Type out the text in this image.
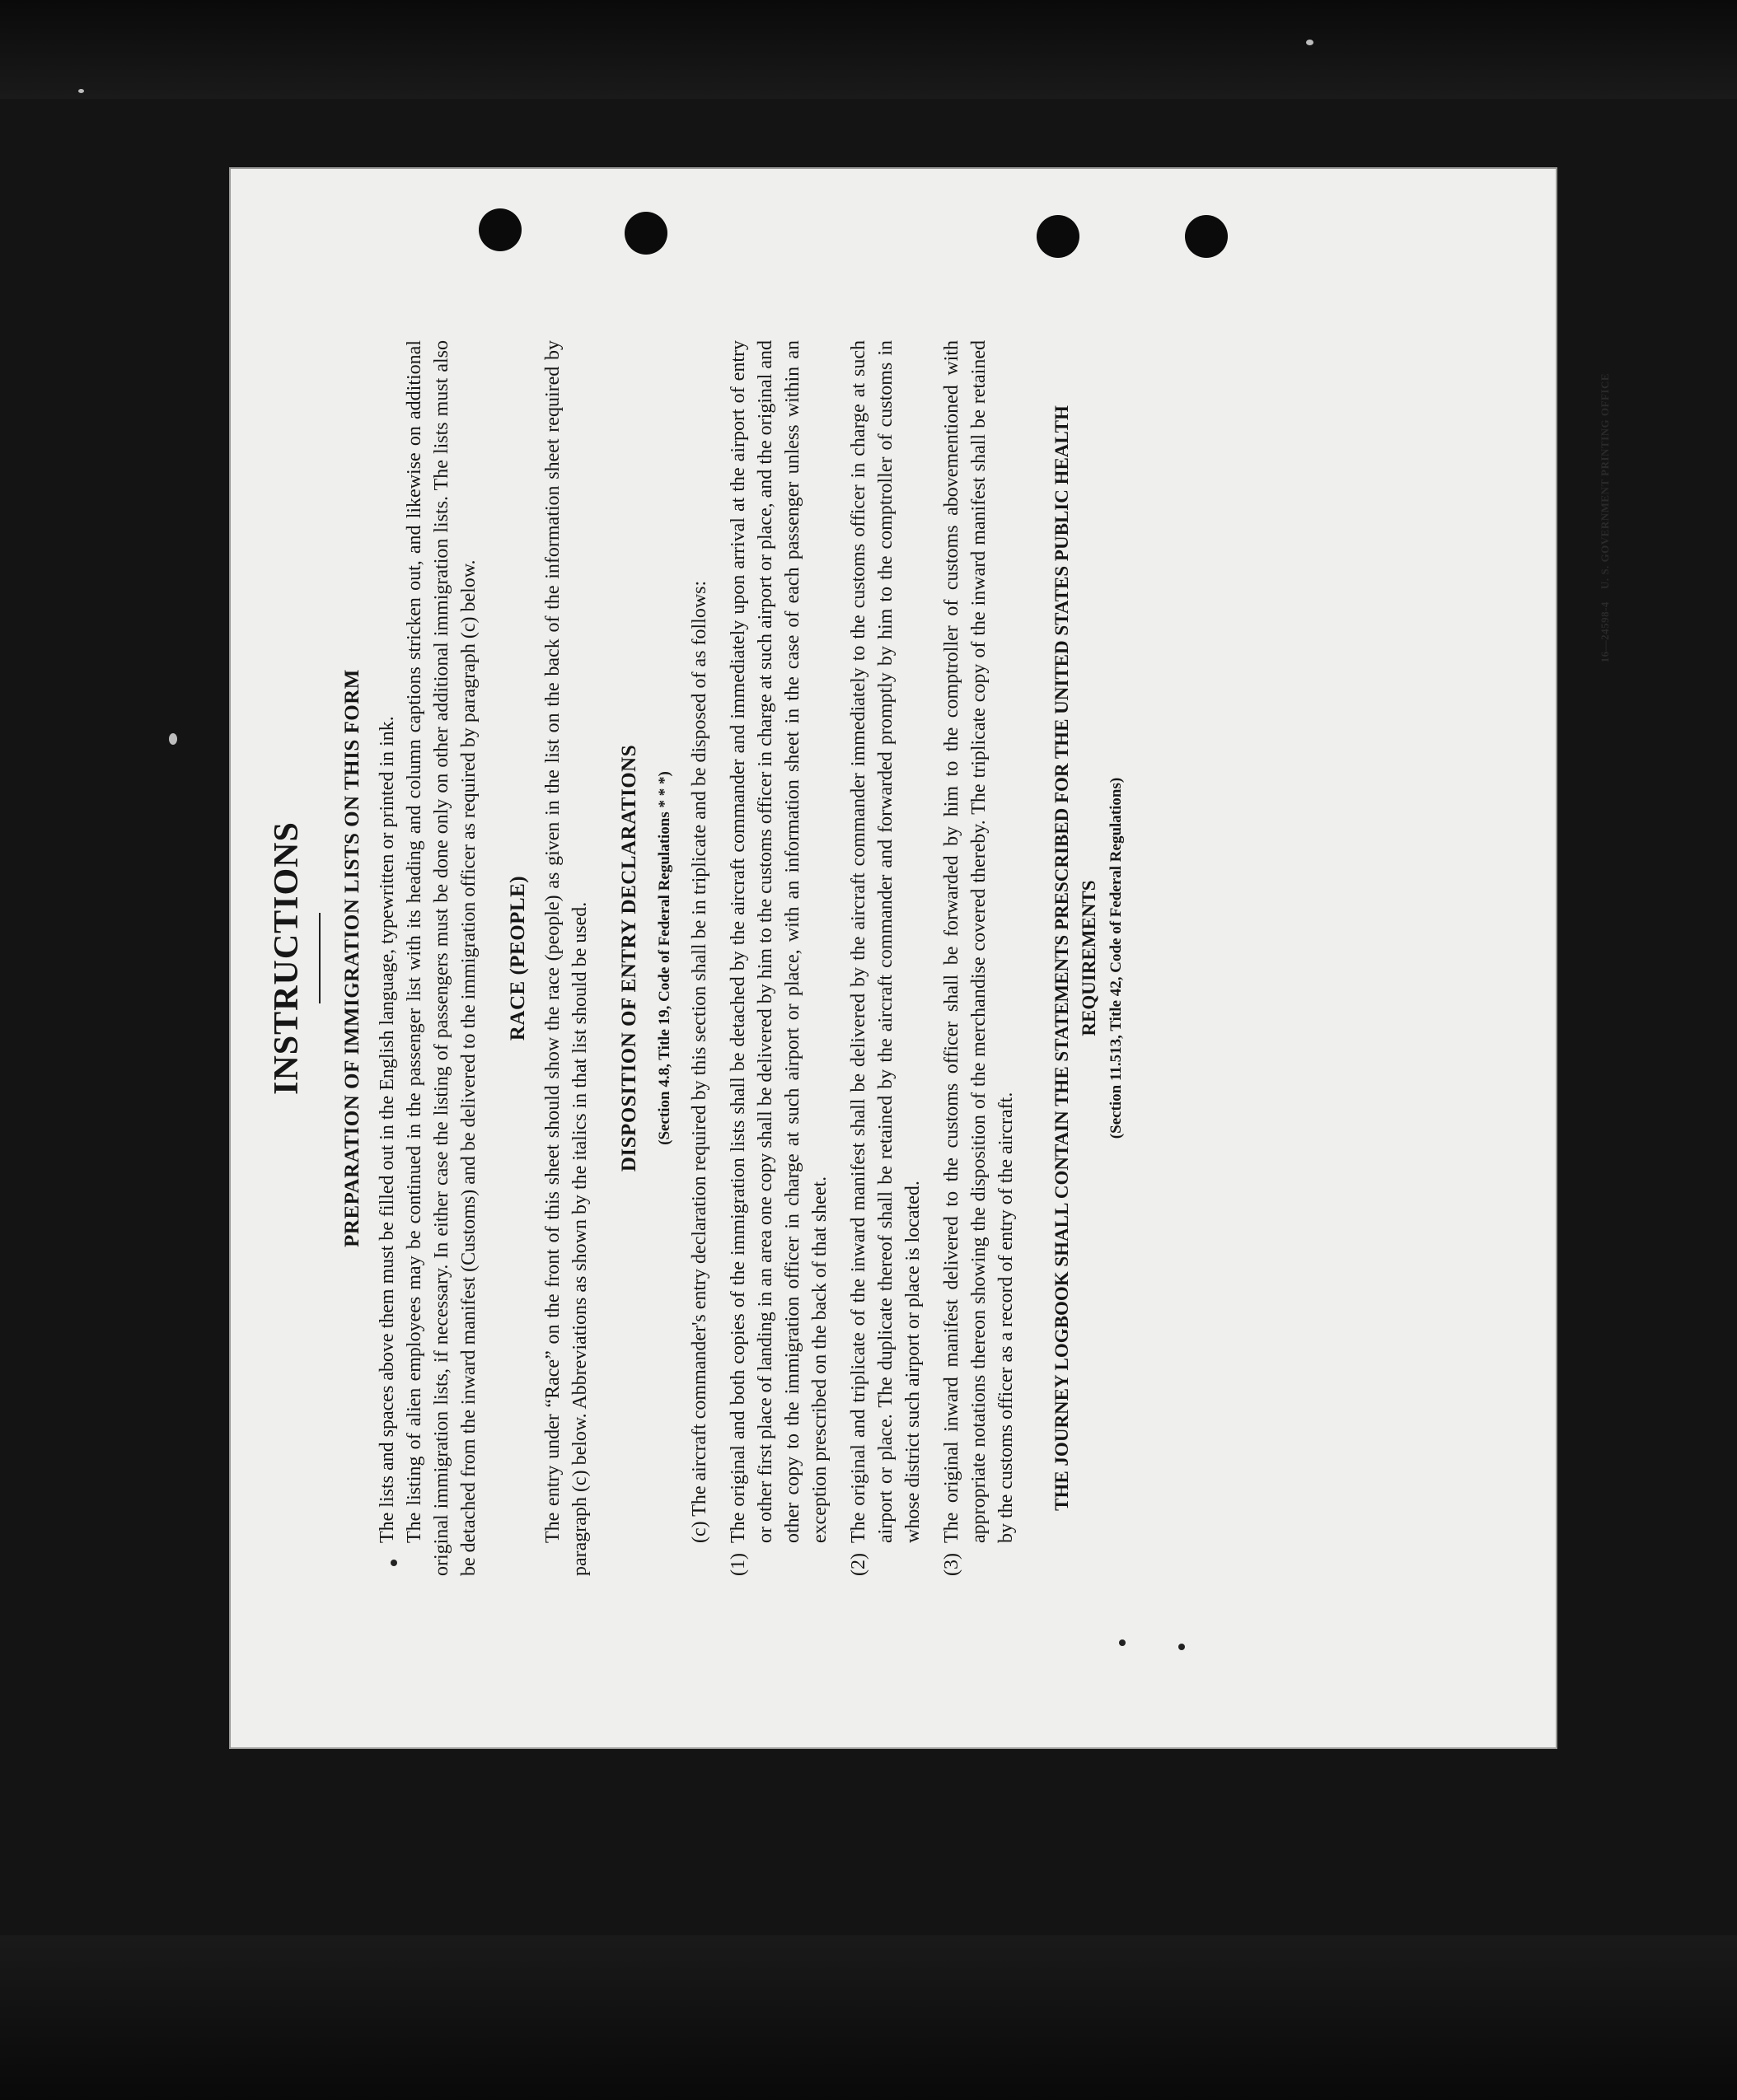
INSTRUCTIONS PREPARATION OF IMMIGRATION LISTS ON THIS FORM The lists and spaces above them must be filled out in the English language, typewritten or printed in ink. The listing of alien employees may be continued in the passenger list with its heading and column captions stricken out, and likewise on additional original immigration lists, if necessary. In either case the listing of passengers must be done only on other additional immigration lists. The lists must also be detached from the inward manifest (Customs) and be delivered to the immigration officer as required by paragraph (c) below. RACE (PEOPLE) The entry under “Race” on the front of this sheet should show the race (people) as given in the list on the back of the information sheet required by paragraph (c) below. Abbreviations as shown by the italics in that list should be used. DISPOSITION OF ENTRY DECLARATIONS	(Section 4.8, Title 19, Code of Federal Regulations * * *) (c) The aircraft commander's entry declaration required by this section shall be in triplicate and be disposed of as follows:

(1)The original and both copies of the immigration lists shall be detached by the aircraft commander and immediately upon arrival at the airport of entry or other first place of landing in an area one copy shall be delivered by him to the customs officer in charge at such airport or place, and the original and other copy to the immigration officer in charge at such airport or place, with an information sheet in the case of each passenger unless within an exception prescribed on the back of that sheet.

(2)The original and triplicate of the inward manifest shall be delivered by the aircraft commander immediately to the customs officer in charge at such airport or place. The duplicate thereof shall be retained by the aircraft commander and forwarded promptly by him to the comptroller of customs in whose district such airport or place is located.

(3)The original inward manifest delivered to the customs officer shall be forwarded by him to the comptroller of customs abovementioned with appropriate notations thereon showing the disposition of the merchandise covered thereby. The triplicate copy of the inward manifest shall be retained by the customs officer as a record of entry of the aircraft. THE JOURNEY LOGBOOK SHALL CONTAIN THE STATEMENTS PRESCRIBED FOR THE UNITED STATES PUBLIC HEALTH REQUIREMENTS (Section 11.513, Title 42, Code of Federal Regulations)
16—24598-4    U. S. GOVERNMENT PRINTING OFFICE
